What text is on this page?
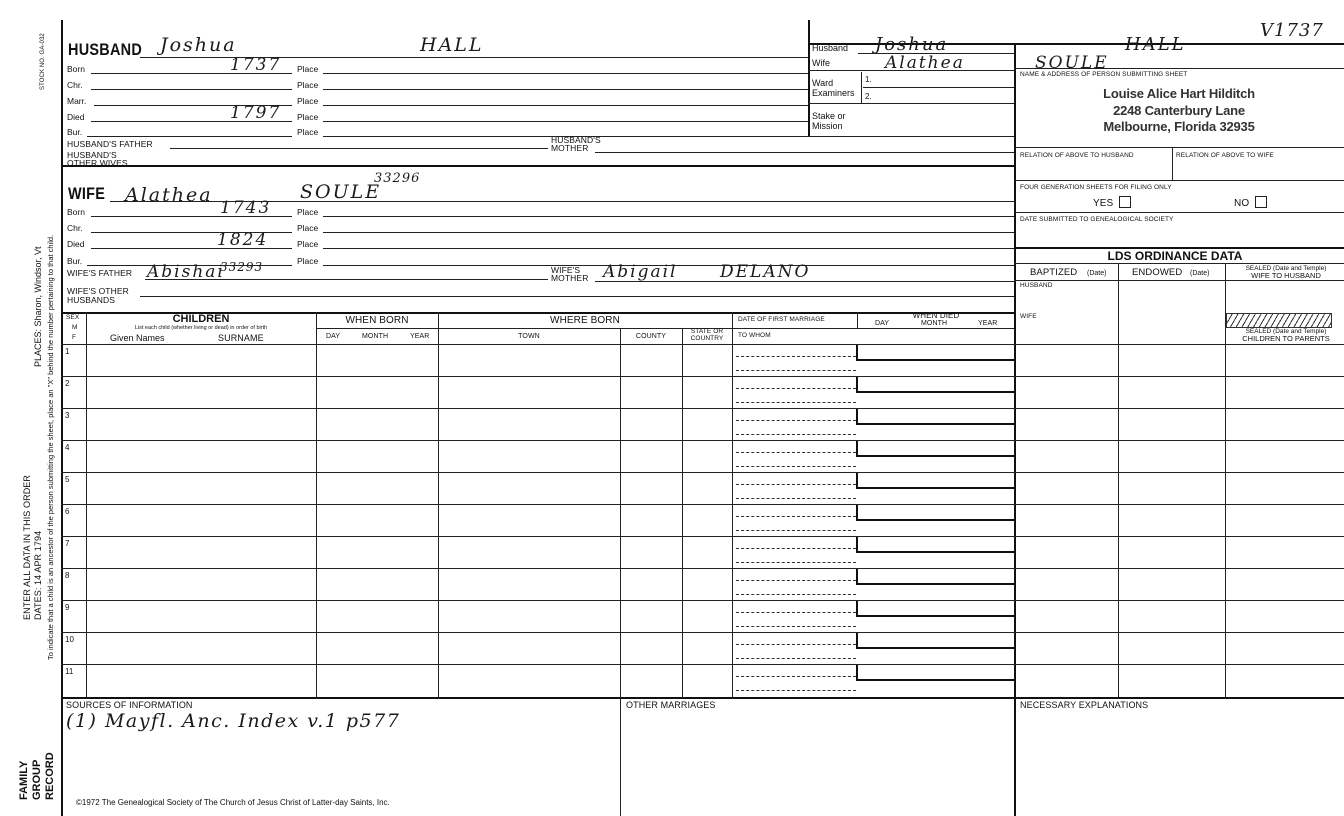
STOCK NO. GA-032
PLACES: Sharon, Windsor, Vt To indicate that a child is an ancestor of the person submitting the sheet, place an "X" behind the number pertaining to that child.
ENTER ALL DATA IN THIS ORDER DATES: 14 APR 1794
FAMILY GROUP RECORD
HUSBAND Joshua	HALL
Born	1737 Place
Chr.	Place
Marr.	Place
Died	1797 Place
Bur.	Place
HUSBAND'S FATHER	HUSBAND'S
MOTHER
HUSBAND'S
OTHER WIVES
Husband Joshua	HALL
V1737
Wife	Alathea	SOULE
Ward
Examiners
1.
2.
Stake or
Mission
NAME & ADDRESS OF PERSON SUBMITTING SHEET
Louise Alice Hart Hilditch
2248 Canterbury Lane
Melbourne, Florida 32935
RELATION OF ABOVE TO HUSBAND	RELATION OF ABOVE TO WIFE
FOUR GENERATION SHEETS FOR FILING ONLY
YES	NO
DATE SUBMITTED TO GENEALOGICAL SOCIETY
WIFE Alathea	SOULE
33296
Born	1743	Place
Chr.	Place
Died	1824	Place
Bur.	Place
WIFE'S FATHER Abishai
33293	WIFE'S
MOTHER Abigail	DELANO
WIFE'S OTHER
HUSBANDS
LDS ORDINANCE DATA
BAPTIZED (Date)	ENDOWED (Date)
SEALED (Date and Temple)
WIFE TO HUSBAND
HUSBAND
WIFE
SEALED (Date and Temple)
CHILDREN TO PARENTS
SEX
M
F
CHILDREN
List each child (whether living or dead) in order of birth
Given Names	SURNAME
WHEN BORN
DAY	MONTH	YEAR
WHERE BORN
TOWN	COUNTY
STATE OR
COUNTRY
DATE OF FIRST MARRIAGE
TO WHOM
WHEN DIED
DAY	MONTH	YEAR
1
2
3
4
5
6
7
8
9
10
11
SOURCES OF INFORMATION
(1) Mayfl. Anc. Index v.1 p577
OTHER MARRIAGES	NECESSARY EXPLANATIONS
©1972 The Genealogical Society of The Church of Jesus Christ of Latter-day Saints, Inc.
